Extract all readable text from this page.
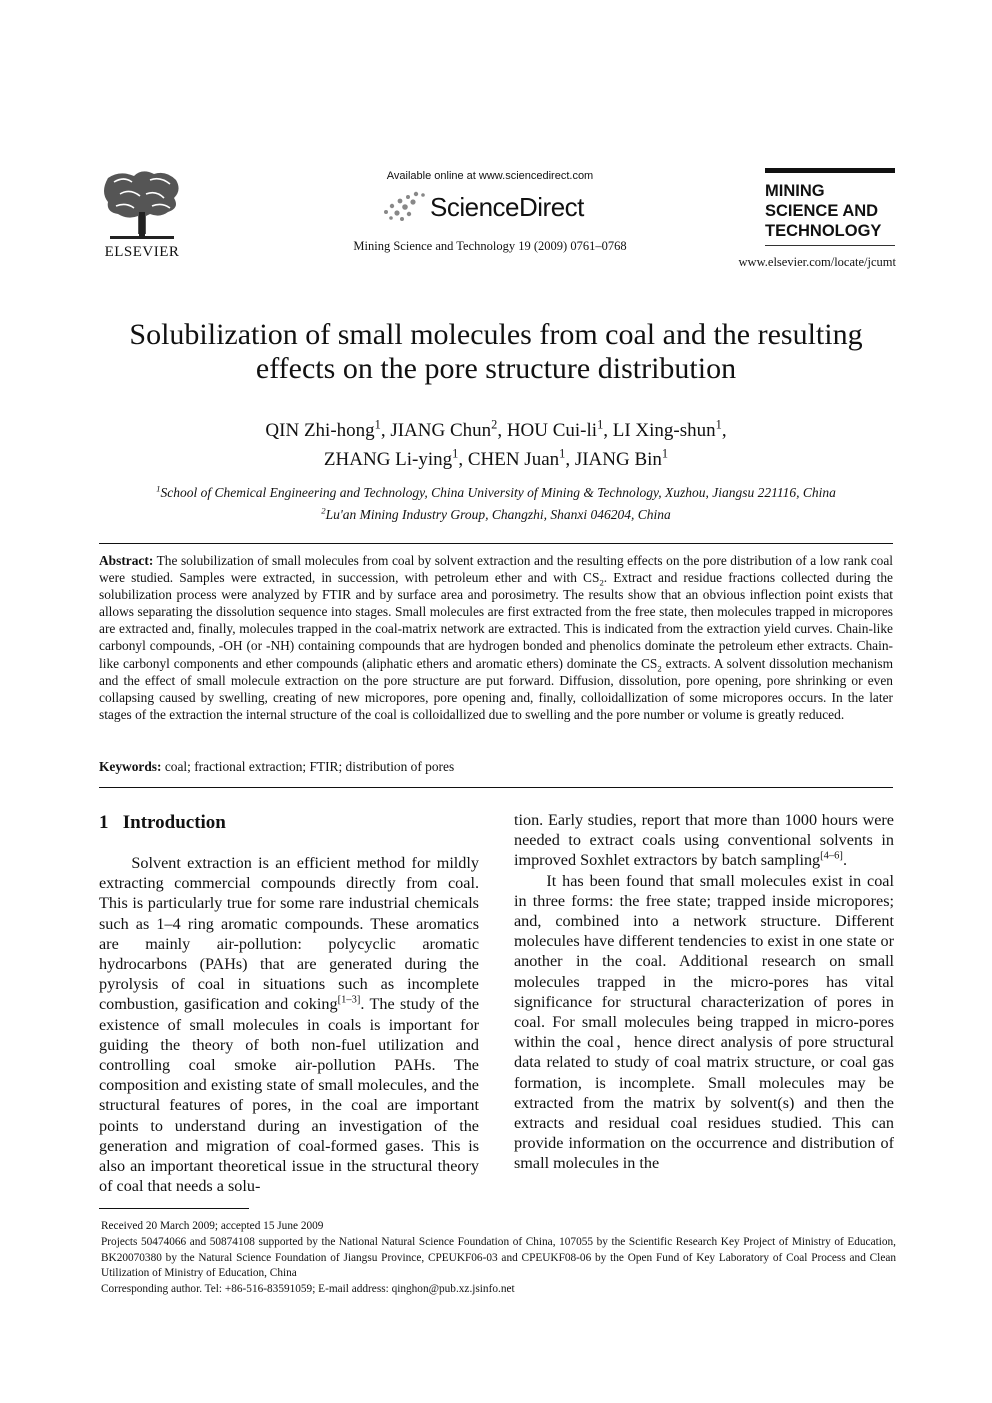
ELSEVIER
Available online at www.sciencedirect.com
ScienceDirect
Mining Science and Technology 19 (2009) 0761–0768
MINING
SCIENCE AND
TECHNOLOGY
www.elsevier.com/locate/jcumt
Solubilization of small molecules from coal and the resulting
effects on the pore structure distribution
QIN Zhi-hong$^1$, JIANG Chun$^2$, HOU Cui-$li^1$, LI Xing-shun$^1$,
ZHANG Li-ying$^1$, CHEN Juan$^1$, JIANG Bin$^1$
$^1$School of Chemical Engineering and Technology, China University of Mining & Technology, Xuzhou, Jiangsu 221116, China
$^2$Lu'an Mining Industry Group, Changzhi, Shanxi 046204, China
Abstract: The solubilization of small molecules from coal by solvent extraction and the resulting effects on the pore distribution of a low rank coal were studied. Samples were extracted, in succession, with petroleum ether and with $CS_2$. Extract and residue fractions collected during the solubilization process were analyzed by FTIR and by surface area and porosimetry. The results show that an obvious inflection point exists that allows separating the dissolution sequence into stages. Small molecules are first extracted from the free state, then molecules trapped in micropores are extracted and, finally, molecules trapped in the coal-matrix network are extracted. This is indicated from the extraction yield curves. Chain-like carbonyl compounds, -OH (or -NH) containing compounds that are hydrogen bonded and phenolics dominate the petroleum ether extracts. Chain-like carbonyl components and ether compounds (aliphatic ethers and aromatic ethers) dominate the $CS_2$ extracts. A solvent dissolution mechanism and the effect of small molecule extraction on the pore structure are put forward. Diffusion, dissolution, pore opening, pore shrinking or even collapsing caused by swelling, creating of new micropores, pore opening and, finally, colloidallization of some micropores occurs. In the later stages of the extraction the internal structure of the coal is colloidallized due to swelling and the pore number or volume is greatly reduced.
Keywords: coal; fractional extraction; FTIR; distribution of pores
1   Introduction

Solvent extraction is an efficient method for mildly extracting commercial compounds directly from coal. This is particularly true for some rare industrial chemicals such as 1–4 ring aromatic compounds. These aromatics are mainly air-pollution: polycyclic aromatic hydrocarbons (PAHs) that are generated during the pyrolysis of coal in situations such as incomplete combustion, gasification and coking[1–3]. The study of the existence of small molecules in coals is important for guiding the theory of both non-fuel utilization and controlling coal smoke air-pollution PAHs. The composition and existing state of small molecules, and the structural features of pores, in the coal are important points to understand during an investigation of the generation and migration of coal-formed gases. This is also an important theoretical issue in the structural theory of coal that needs a solu-

tion. Early studies, report that more than 1000 hours were needed to extract coals using conventional solvents in improved Soxhlet extractors by batch sampling[4–6].

It has been found that small molecules exist in coal in three forms: the free state; trapped inside micropores; and, combined into a network structure. Different molecules have different tendencies to exist in one state or another in the coal. Additional research on small molecules trapped in the micro-pores has vital significance for structural characterization of pores in coal. For small molecules being trapped in micro-pores within the coal，hence direct analysis of pore structural data related to study of coal matrix structure, or coal gas formation, is incomplete. Small molecules may be extracted from the matrix by solvent(s) and then the extracts and residual coal residues studied. This can provide information on the occurrence and distribution of small molecules in the

Received 20 March 2009; accepted 15 June 2009
Projects 50474066 and 50874108 supported by the National Natural Science Foundation of China, 107055 by the Scientific Research Key Project of Ministry of Education, BK20070380 by the Natural Science Foundation of Jiangsu Province, CPEUKF06-03 and CPEUKF08-06 by the Open Fund of Key Laboratory of Coal Process and Clean Utilization of Ministry of Education, China
Corresponding author. Tel: +86-516-83591059; E-mail address: qinghon@pub.xz.jsinfo.net
